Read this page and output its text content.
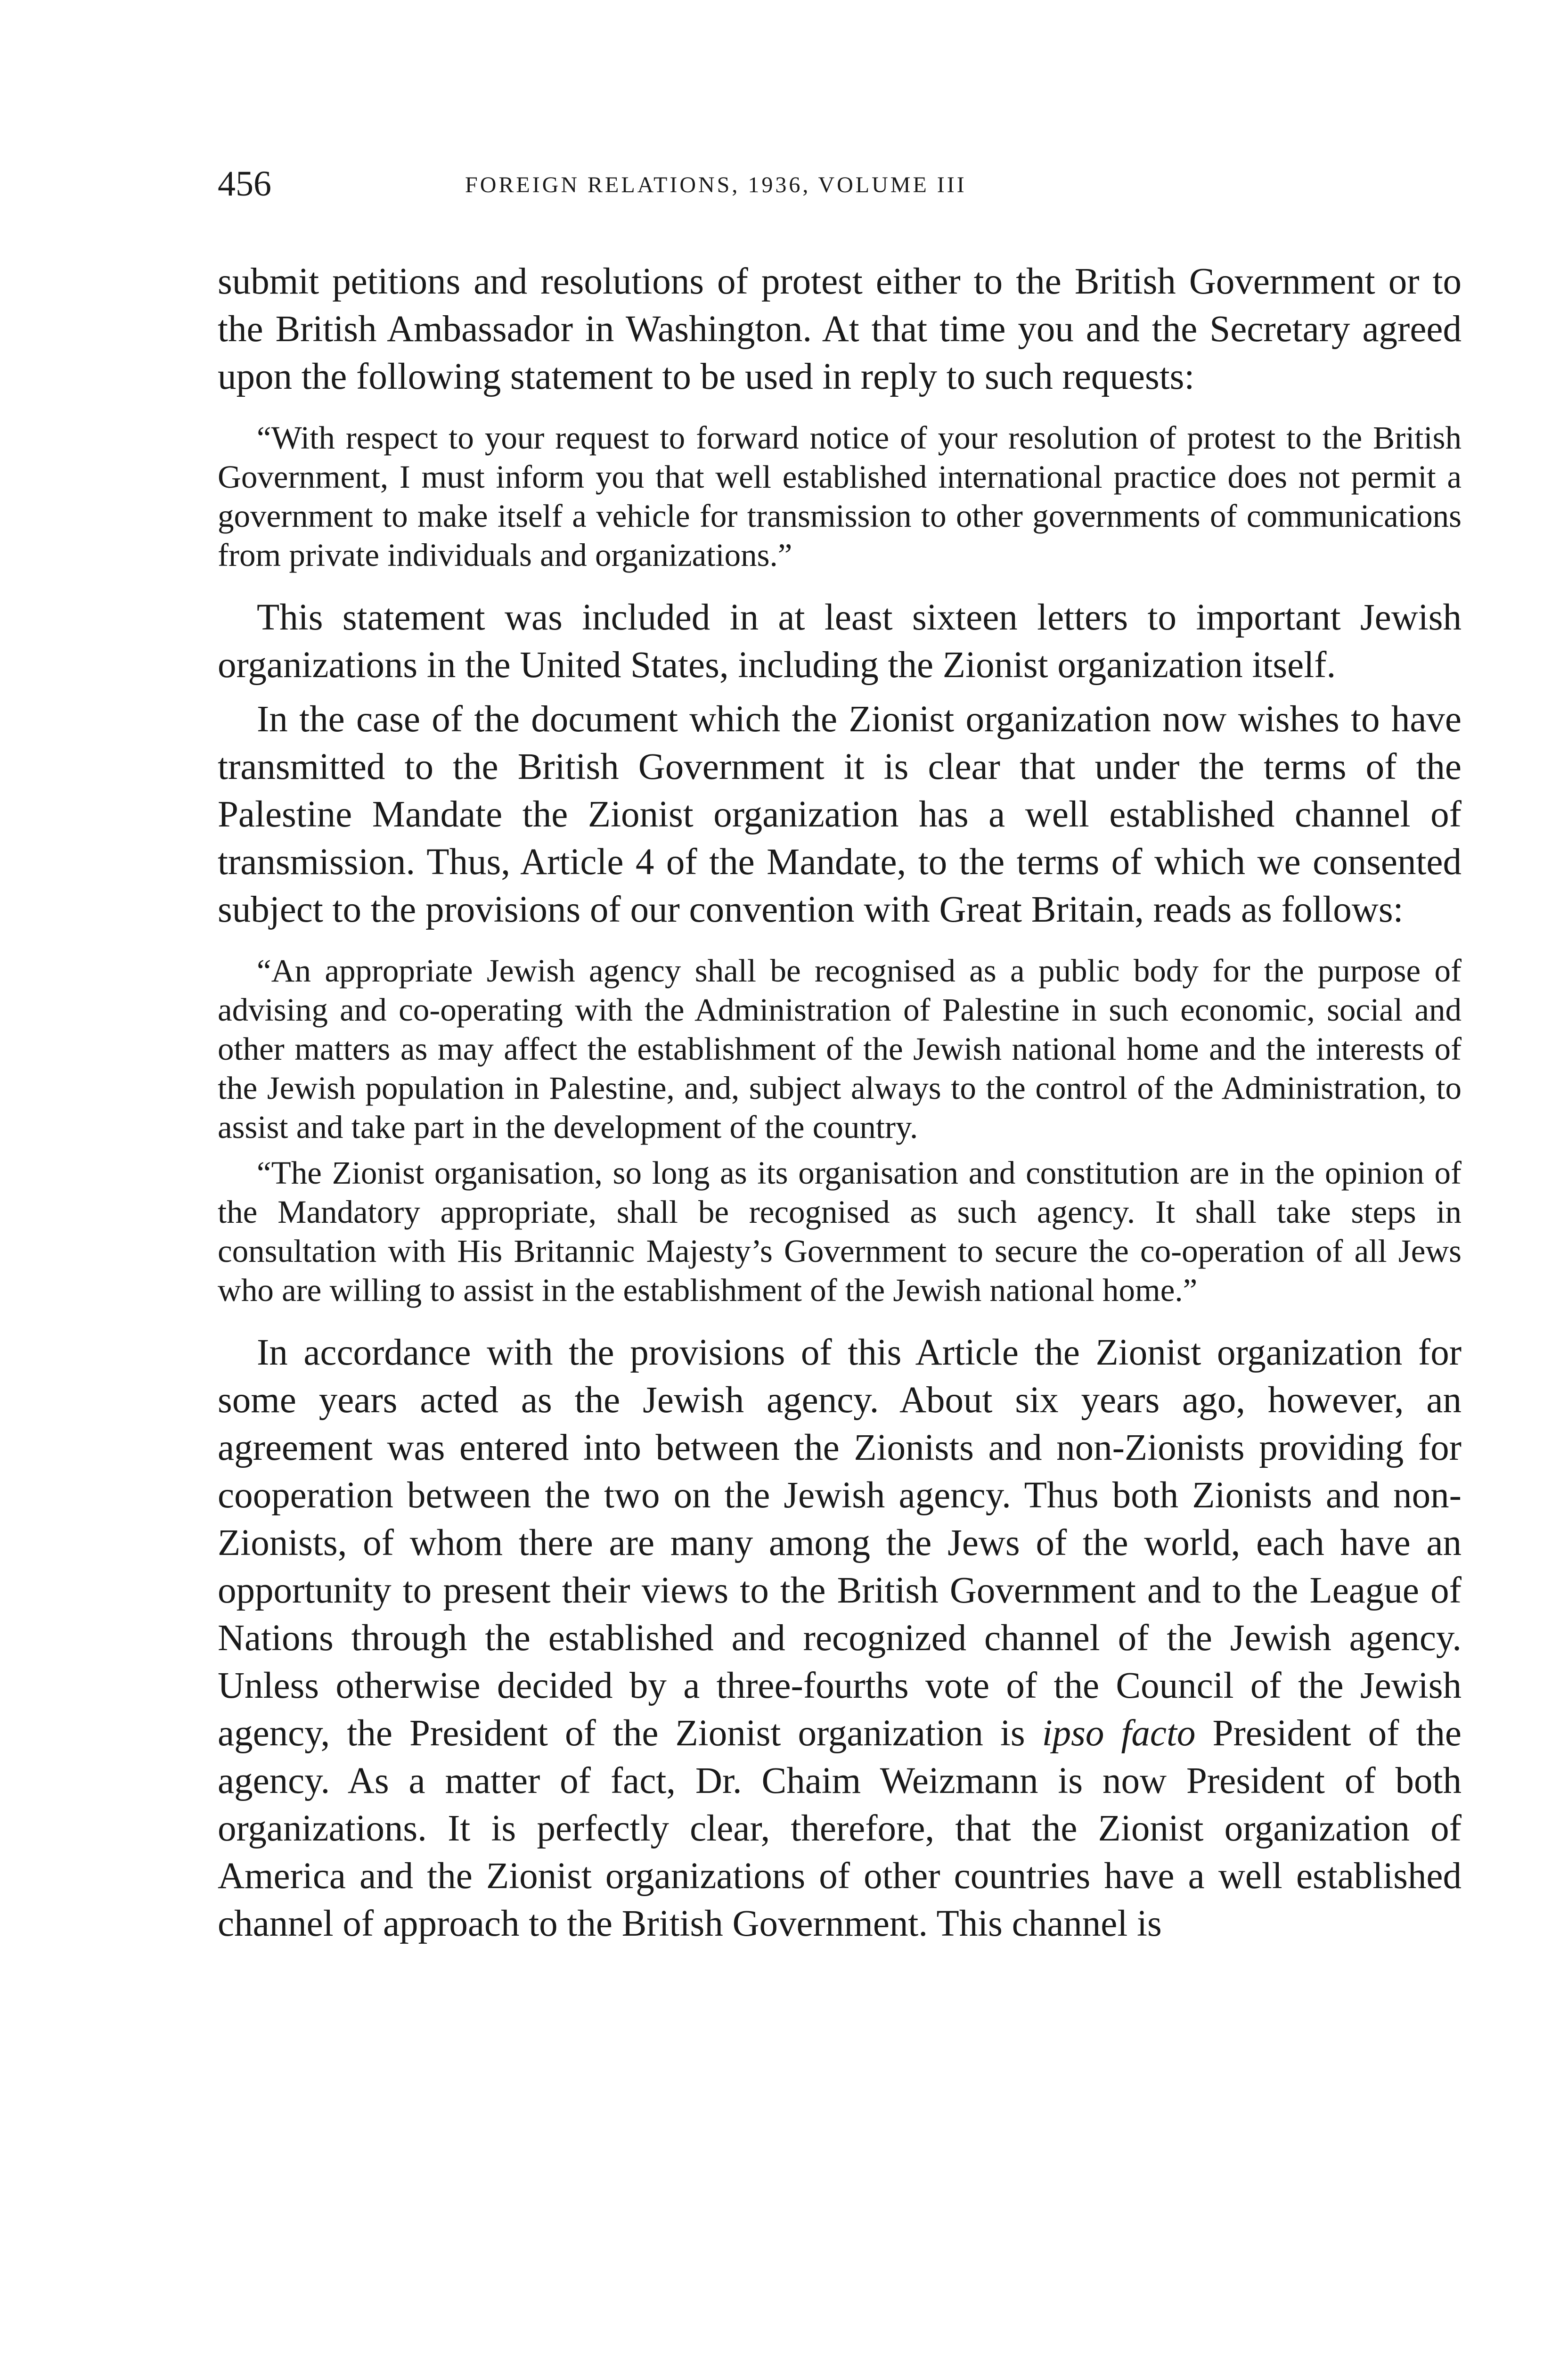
456	FOREIGN RELATIONS, 1936, VOLUME III

submit petitions and resolutions of protest either to the British Government or to the British Ambassador in Washington. At that time you and the Secretary agreed upon the following statement to be used in reply to such requests:

“With respect to your request to forward notice of your resolution of protest to the British Government, I must inform you that well established international practice does not permit a government to make itself a vehicle for transmission to other governments of communications from private individuals and organizations.”

This statement was included in at least sixteen letters to important Jewish organizations in the United States, including the Zionist organization itself.

In the case of the document which the Zionist organization now wishes to have transmitted to the British Government it is clear that under the terms of the Palestine Mandate the Zionist organization has a well established channel of transmission. Thus, Article 4 of the Mandate, to the terms of which we consented subject to the provisions of our convention with Great Britain, reads as follows:

“An appropriate Jewish agency shall be recognised as a public body for the purpose of advising and co-operating with the Administration of Palestine in such economic, social and other matters as may affect the establishment of the Jewish national home and the interests of the Jewish population in Palestine, and, subject always to the control of the Administration, to assist and take part in the development of the country.

“The Zionist organisation, so long as its organisation and constitution are in the opinion of the Mandatory appropriate, shall be recognised as such agency. It shall take steps in consultation with His Britannic Majesty’s Government to secure the co-operation of all Jews who are willing to assist in the establishment of the Jewish national home.”

In accordance with the provisions of this Article the Zionist organization for some years acted as the Jewish agency. About six years ago, however, an agreement was entered into between the Zionists and non-Zionists providing for cooperation between the two on the Jewish agency. Thus both Zionists and non-Zionists, of whom there are many among the Jews of the world, each have an opportunity to present their views to the British Government and to the League of Nations through the established and recognized channel of the Jewish agency. Unless otherwise decided by a three-fourths vote of the Council of the Jewish agency, the President of the Zionist organization is ipso facto President of the agency. As a matter of fact, Dr. Chaim Weizmann is now President of both organizations. It is perfectly clear, therefore, that the Zionist organization of America and the Zionist organizations of other countries have a well established channel of approach to the British Government. This channel is
